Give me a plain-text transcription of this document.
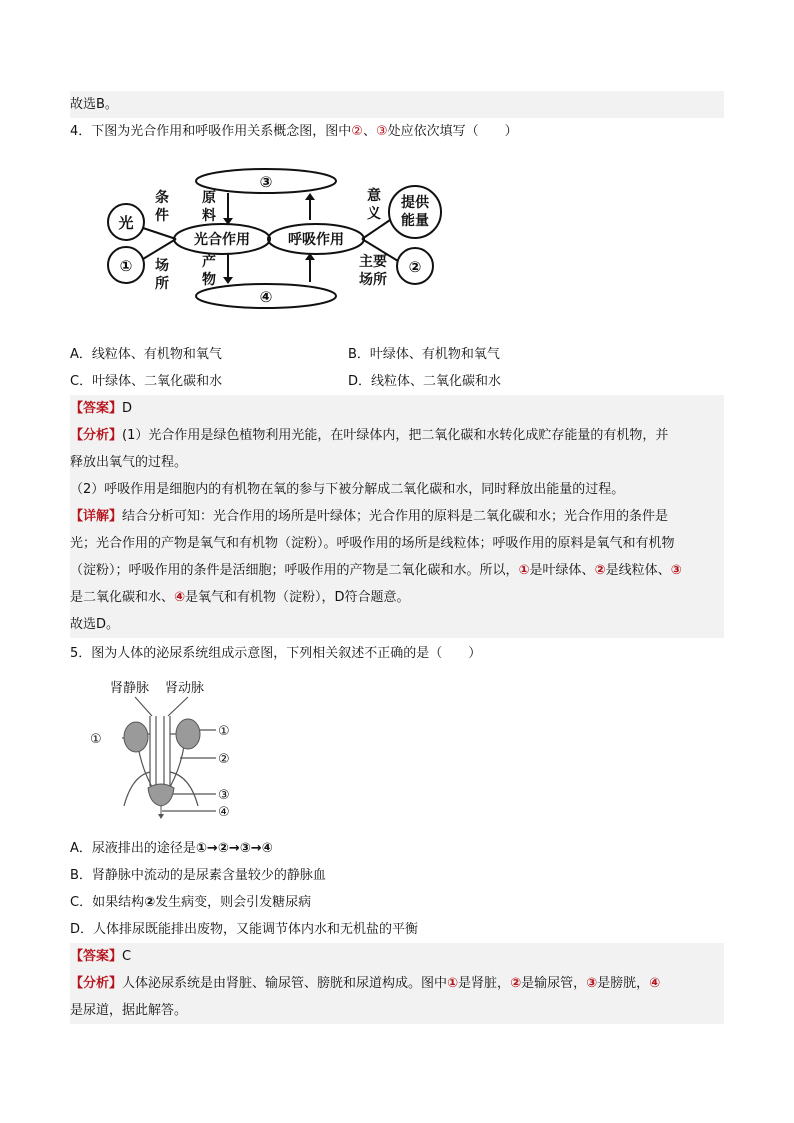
故选B。
4．下图为光合作用和呼吸作用关系概念图，图中②、③处应依次填写（　　）
③
④
光
①	②
光合作用	呼吸作用
提供
能量
条
件
场
所
原
料
产
物
意
义
主要
场所
A．线粒体、有机物和氧气	B．叶绿体、有机物和氧气
C．叶绿体、二氧化碳和水	D．线粒体、二氧化碳和水
【答案】D
【分析】(1）光合作用是绿色植物利用光能，在叶绿体内，把二氧化碳和水转化成贮存能量的有机物，并
释放出氧气的过程。
（2）呼吸作用是细胞内的有机物在氧的参与下被分解成二氧化碳和水，同时释放出能量的过程。
【详解】结合分析可知：光合作用的场所是叶绿体；光合作用的原料是二氧化碳和水；光合作用的条件是
光；光合作用的产物是氧气和有机物（淀粉）。呼吸作用的场所是线粒体；呼吸作用的原料是氧气和有机物
（淀粉）；呼吸作用的条件是活细胞；呼吸作用的产物是二氧化碳和水。所以，①是叶绿体、②是线粒体、③
是二氧化碳和水、④是氧气和有机物（淀粉），D符合题意。
故选D。
5．图为人体的泌尿系统组成示意图，下列相关叙述不正确的是（　　）
肾静脉 肾动脉
①
①
②
③
④
A．尿液排出的途径是①→②→③→④
B．肾静脉中流动的是尿素含量较少的静脉血
C．如果结构②发生病变，则会引发糖尿病
D．人体排尿既能排出废物，又能调节体内水和无机盐的平衡
【答案】C
【分析】人体泌尿系统是由肾脏、输尿管、膀胱和尿道构成。图中①是肾脏，②是输尿管，③是膀胱，④
是尿道，据此解答。
